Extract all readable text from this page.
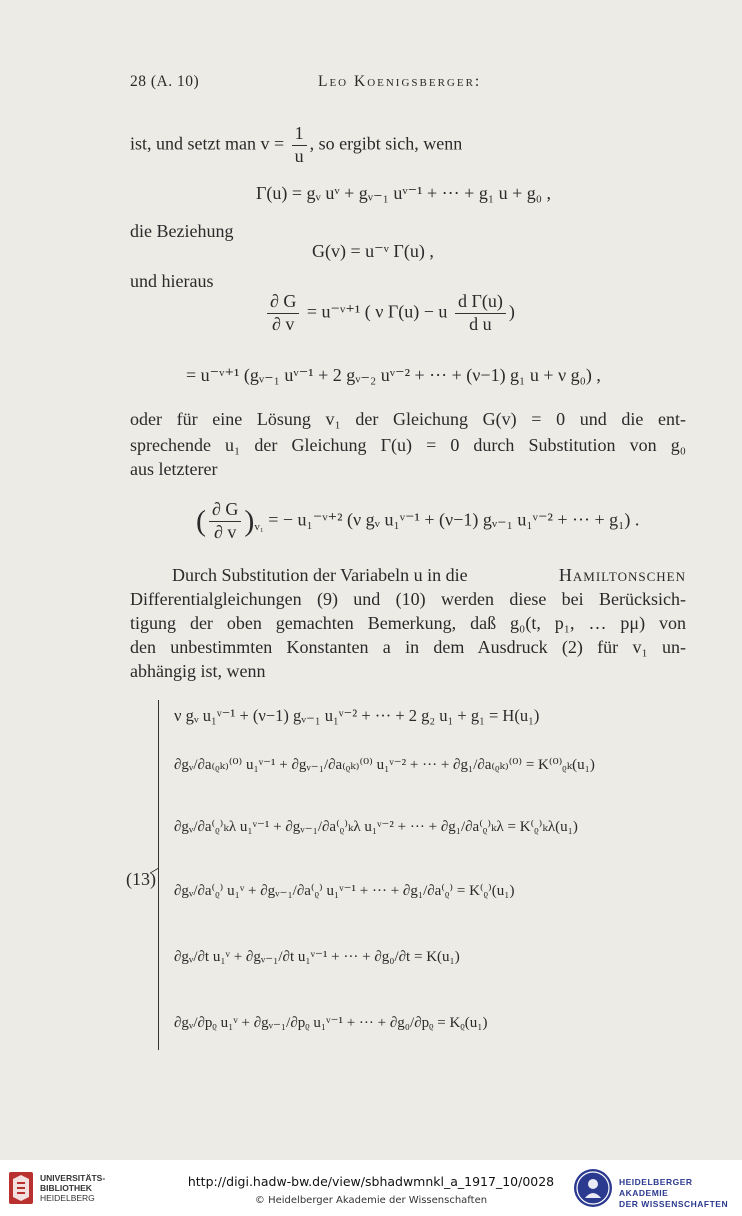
28 (A. 10)	Leo Koenigsberger:
ist, und setzt man $v = \frac{1}{u}$ , so ergibt sich, wenn
Γ(u) = gᵥ uᵛ + gᵥ₋₁ uᵛ⁻¹ + ··· + g₁ u + g₀ ,
die Beziehung
G(v) = u⁻ᵛ Γ(u) ,
und hieraus
$\frac{\partial G}{\partial v}$ = u⁻ᵛ⁺¹ ( ν Γ(u) − u $\frac{\text{d Γ(u)}}{\text{d u}}$ )
= u⁻ᵛ⁺¹ (gᵥ₋₁ uᵛ⁻¹ + 2 gᵥ₋₂ uᵛ⁻² + ··· + (ν−1) g₁ u + ν g₀) ,
oder für eine Lösung v₁ der Gleichung G(v) = 0 und die ent-
sprechende u₁ der Gleichung Γ(u) = 0 durch Substitution von g₀
aus letzterer
( $\frac{\partial G}{\partial v} )_{v_1}$ = − u₁⁻ᵛ⁺² (ν gᵥ u₁ᵛ⁻¹ + (ν−1) gᵥ₋₁ u₁ᵛ⁻² + ··· + g₁) .
Durch Substitution der Variabeln u in die	Hamiltonschen
Differentialgleichungen (9) und (10) werden diese bei Berücksich-
tigung der oben gemachten Bemerkung, daß g₀(t, p₁, … pμ) von
den unbestimmten Konstanten a in dem Ausdruck (2) für v₁ un-
abhängig ist, wenn
(13)
ν gᵥ u₁ᵛ⁻¹ + (ν−1) gᵥ₋₁ u₁ᵛ⁻² + ··· + 2 g₂ u₁ + g₁ = H(u₁)
∂gᵥ/∂a₍ᵨₖ₎⁽⁰⁾ u₁ᵛ⁻¹ + ∂gᵥ₋₁/∂a₍ᵨₖ₎⁽⁰⁾ u₁ᵛ⁻² + ··· + ∂g₁/∂a₍ᵨₖ₎⁽⁰⁾ = K⁽⁰⁾ᵨₖ(u₁)
∂gᵥ/∂a⁽ᵨ⁾ₖλ u₁ᵛ⁻¹ + ∂gᵥ₋₁/∂a⁽ᵨ⁾ₖλ u₁ᵛ⁻² + ··· + ∂g₁/∂a⁽ᵨ⁾ₖλ = K⁽ᵨ⁾ₖλ(u₁)
∂gᵥ/∂a⁽ᵨ⁾ u₁ᵛ + ∂gᵥ₋₁/∂a⁽ᵨ⁾ u₁ᵛ⁻¹ + ··· + ∂g₁/∂a⁽ᵨ⁾ = K⁽ᵨ⁾(u₁)
∂gᵥ/∂t u₁ᵛ + ∂gᵥ₋₁/∂t u₁ᵛ⁻¹ + ··· + ∂g₀/∂t = K(u₁)
∂gᵥ/∂pᵨ u₁ᵛ + ∂gᵥ₋₁/∂pᵨ u₁ᵛ⁻¹ + ··· + ∂g₀/∂pᵨ = Kᵨ(u₁)
UNIVERSITÄTS-
BIBLIOTHEK
HEIDELBERG
http://digi.hadw-bw.de/view/sbhadwmnkl_a_1917_10/0028
© Heidelberger Akademie der Wissenschaften
HEIDELBERGER AKADEMIE
DER WISSENSCHAFTEN
